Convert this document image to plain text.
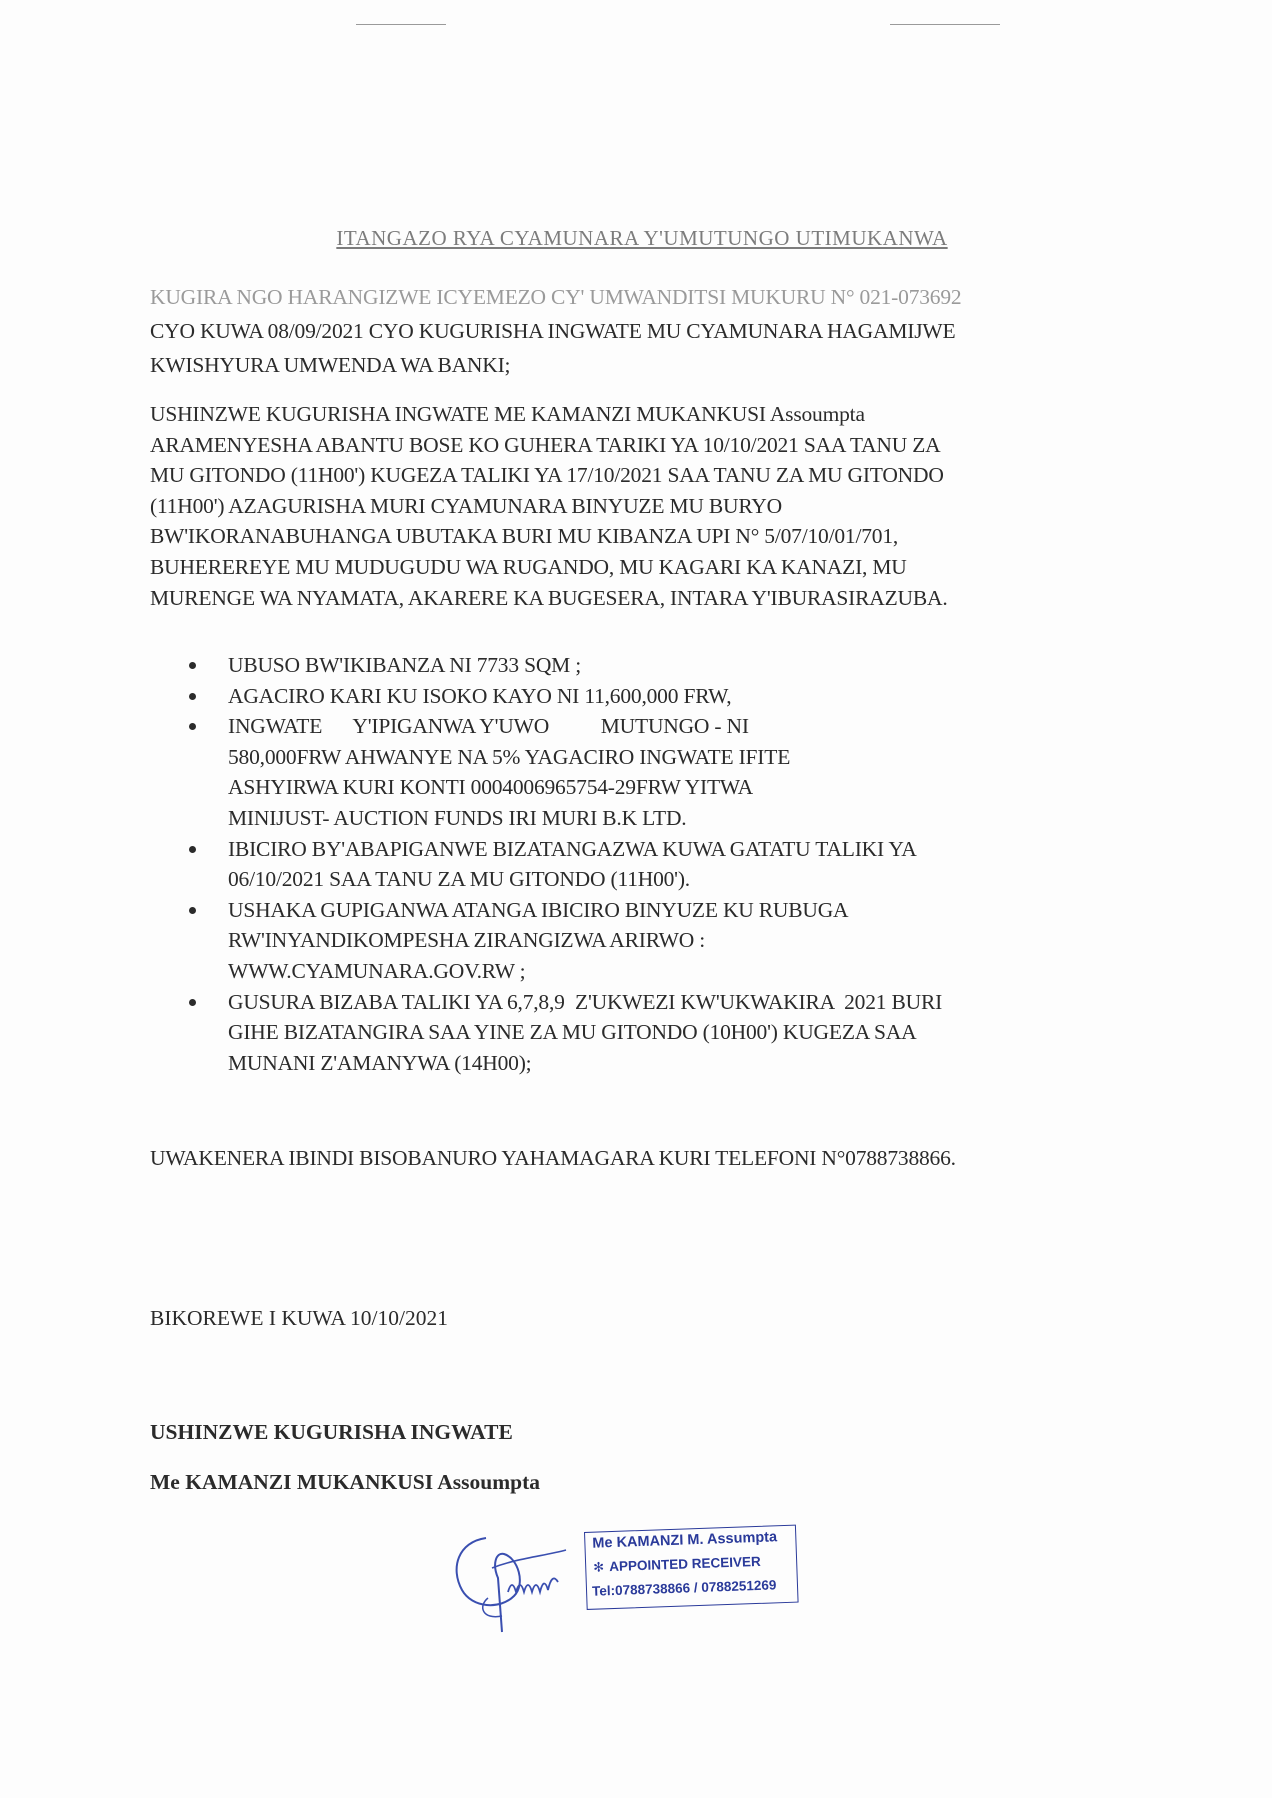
ITANGAZO RYA CYAMUNARA Y'UMUTUNGO UTIMUKANWA
KUGIRA NGO HARANGIZWE ICYEMEZO CY' UMWANDITSI MUKURU N° 021-073692
CYO KUWA 08/09/2021 CYO KUGURISHA INGWATE MU CYAMUNARA HAGAMIJWE
KWISHYURA UMWENDA WA BANKI;
USHINZWE KUGURISHA INGWATE ME KAMANZI MUKANKUSI Assoumpta
ARAMENYESHA ABANTU BOSE KO GUHERA TARIKI YA 10/10/2021 SAA TANU ZA
MU GITONDO (11H00') KUGEZA TALIKI YA 17/10/2021 SAA TANU ZA MU GITONDO
(11H00') AZAGURISHA MURI CYAMUNARA BINYUZE MU BURYO
BW'IKORANABUHANGA UBUTAKA BURI MU KIBANZA UPI N° 5/07/10/01/701,
BUHEREREYE MU MUDUGUDU WA RUGANDO, MU KAGARI KA KANAZI, MU
MURENGE WA NYAMATA, AKARERE KA BUGESERA, INTARA Y'IBURASIRAZUBA.
UBUSO BW'IKIBANZA NI 7733 SQM ;
AGACIRO KARI KU ISOKO KAYO NI 11,600,000 FRW,
INGWATE      Y'IPIGANWA Y'UWO          MUTUNGO - NI
580,000FRW AHWANYE NA 5% YAGACIRO INGWATE IFITE
ASHYIRWA KURI KONTI 0004006965754-29FRW YITWA
MINIJUST- AUCTION FUNDS IRI MURI B.K LTD.
IBICIRO BY'ABAPIGANWE BIZATANGAZWA KUWA GATATU TALIKI YA
06/10/2021 SAA TANU ZA MU GITONDO (11H00').
USHAKA GUPIGANWA ATANGA IBICIRO BINYUZE KU RUBUGA
RW'INYANDIKOMPESHA ZIRANGIZWA ARIRWO :
WWW.CYAMUNARA.GOV.RW ;
GUSURA BIZABA TALIKI YA 6,7,8,9  Z'UKWEZI KW'UKWAKIRA  2021 BURI
GIHE BIZATANGIRA SAA YINE ZA MU GITONDO (10H00') KUGEZA SAA
MUNANI Z'AMANYWA (14H00);
UWAKENERA IBINDI BISOBANURO YAHAMAGARA KURI TELEFONI N°0788738866.
BIKOREWE I KUWA 10/10/2021
USHINZWE KUGURISHA INGWATE
Me KAMANZI MUKANKUSI Assoumpta
Me KAMANZI M. Assumpta
✻ APPOINTED RECEIVER
Tel:0788738866 / 0788251269
